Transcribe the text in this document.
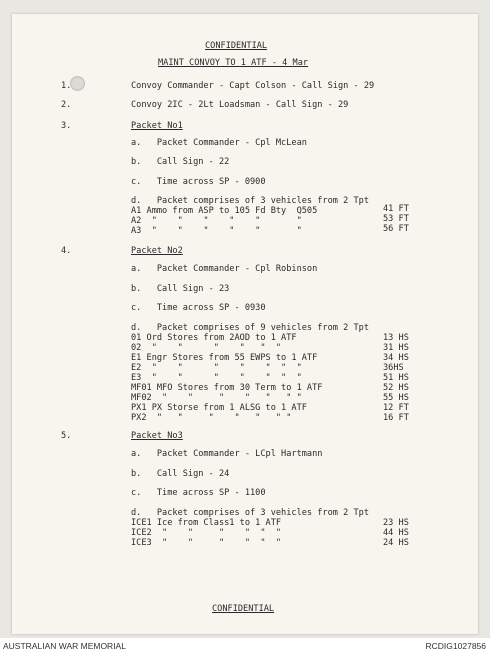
CONFIDENTIAL
MAINT CONVOY TO 1 ATF - 4 Mar
1.	Convoy Commander - Capt Colson - Call Sign - 29
2.	Convoy 2IC - 2Lt Loadsman - Call Sign - 29
3.	Packet No1
a.   Packet Commander - Cpl McLean
b.   Call Sign - 22
c.   Time across SP - 0900
d.   Packet comprises of 3 vehicles from 2 Tpt
A1 Ammo from ASP to 105 Fd Bty  Q505	41 FT
A2  "    "    "    "    "       "	53 FT
A3  "    "    "    "    "       "	56 FT
4.	Packet No2
a.   Packet Commander - Cpl Robinson
b.   Call Sign - 23
c.   Time across SP - 0930
d.   Packet comprises of 9 vehicles from 2 Tpt
01 Ord Stores from 2AOD to 1 ATF	13 HS
02  "    "      "    "   "  "	31 HS
E1 Engr Stores from 55 EWPS to 1 ATF	34 HS
E2  "    "      "    "    "  "  "	36HS
E3  "    "      "    "    "  "  "	51 HS
MF01 MFO Stores from 30 Term to 1 ATF	52 HS
MF02  "    "     "    "   "   " "	55 HS
PX1 PX Storse from 1 ALSG to 1 ATF	12 FT
PX2  "   "     "    "   "   " "	16 FT
5.	Packet No3
a.   Packet Commander - LCpl Hartmann
b.   Call Sign - 24
c.   Time across SP - 1100
d.   Packet comprises of 3 vehicles from 2 Tpt
ICE1 Ice from Class1 to 1 ATF	23 HS
ICE2  "    "     "    "  "  "	44 HS
ICE3  "    "     "    "  "  "	24 HS
CONFIDENTIAL
AUSTRALIAN WAR MEMORIAL	RCDIG1027856
